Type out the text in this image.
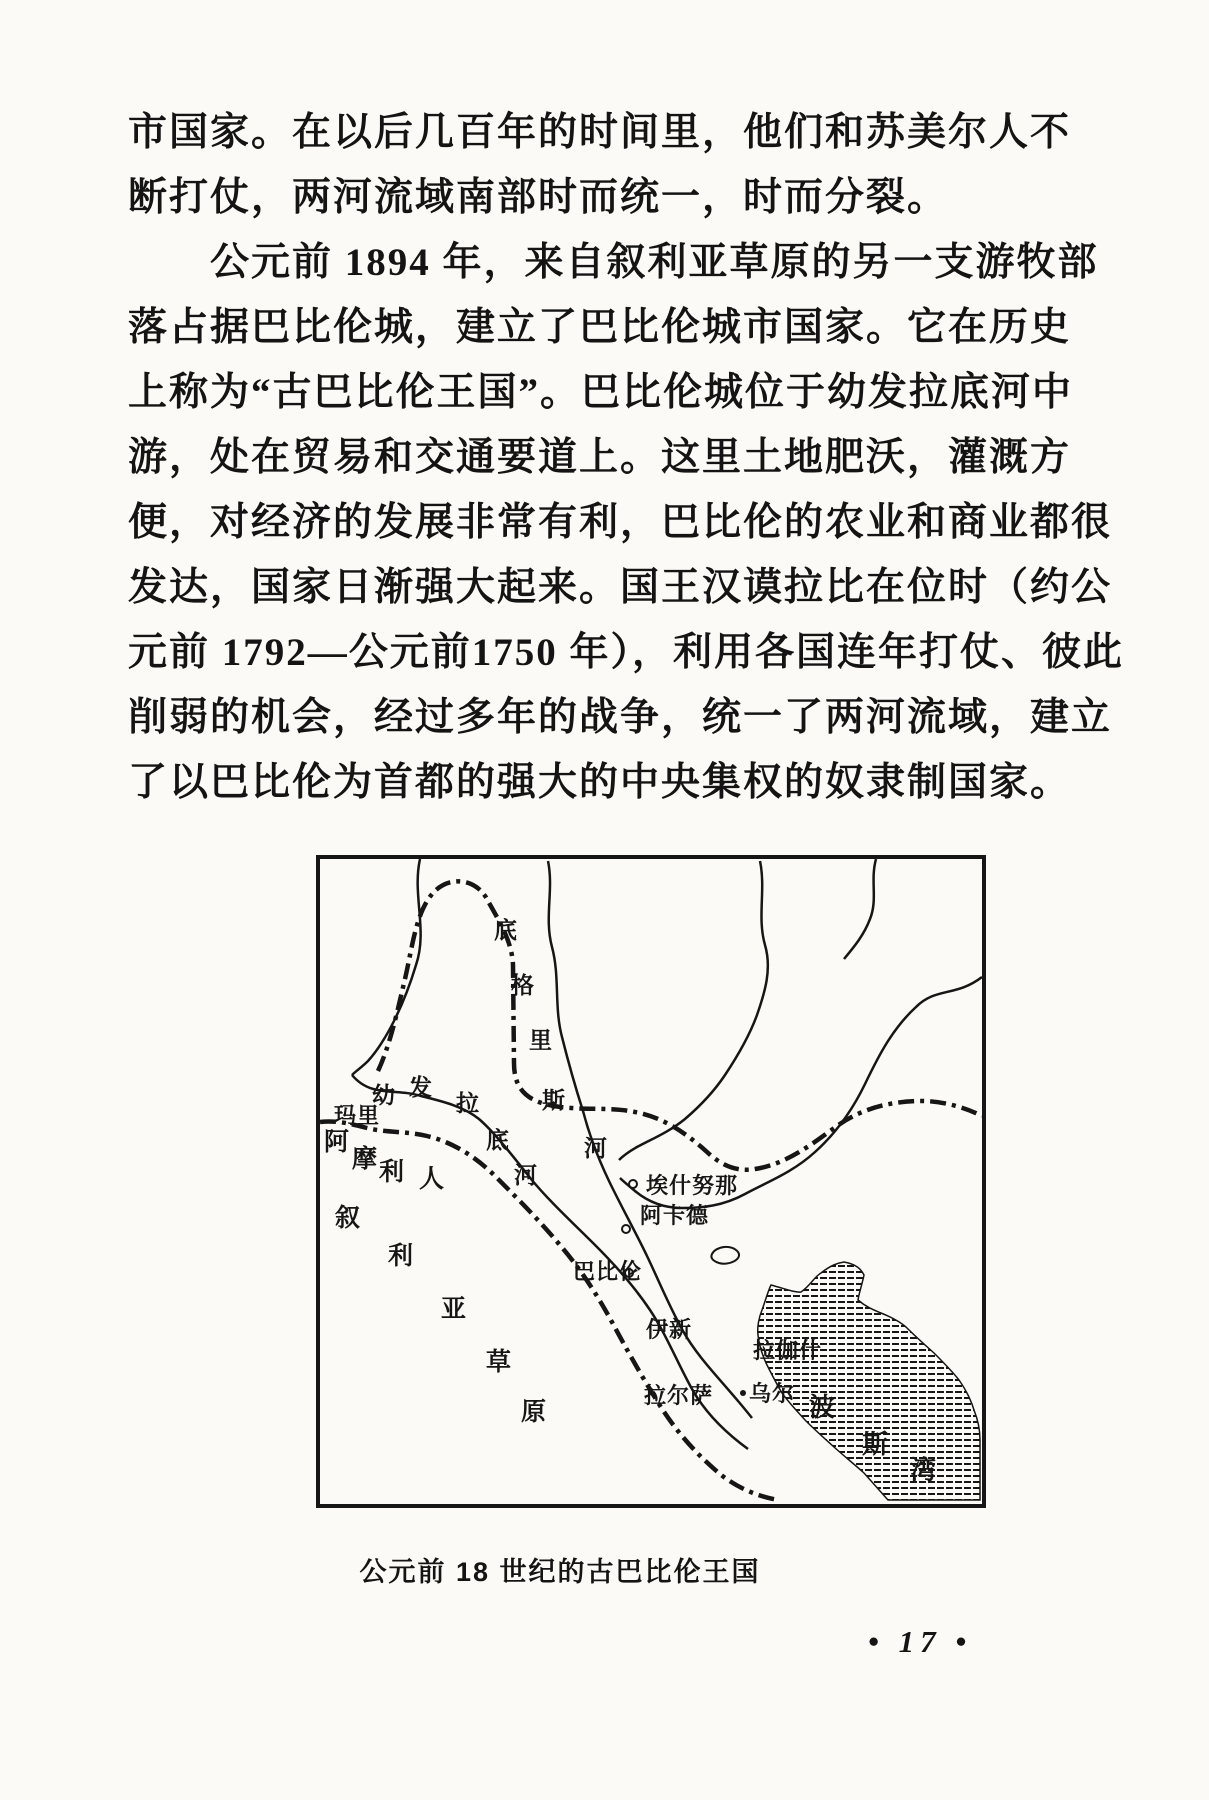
市国家。在以后几百年的时间里，他们和苏美尔人不
断打仗，两河流域南部时而统一，时而分裂。
公元前 1894 年，来自叙利亚草原的另一支游牧部
落占据巴比伦城，建立了巴比伦城市国家。它在历史
上称为“古巴比伦王国”。巴比伦城位于幼发拉底河中
游，处在贸易和交通要道上。这里土地肥沃，灌溉方
便，对经济的发展非常有利，巴比伦的农业和商业都很
发达，国家日渐强大起来。国王汉谟拉比在位时（约公
元前 1792—公元前1750 年），利用各国连年打仗、彼此
削弱的机会，经过多年的战争，统一了两河流域，建立
了以巴比伦为首都的强大的中央集权的奴隶制国家。
玛里
埃什努那
阿卡德
巴比伦
伊新
拉伽什
拉尔萨 乌尔
幼 发
拉
底
河
底
格
里
斯
河
阿
摩 利 人
叙
利
亚
草
原	波
斯
湾
公元前 18 世纪的古巴比伦王国
• 17 •
